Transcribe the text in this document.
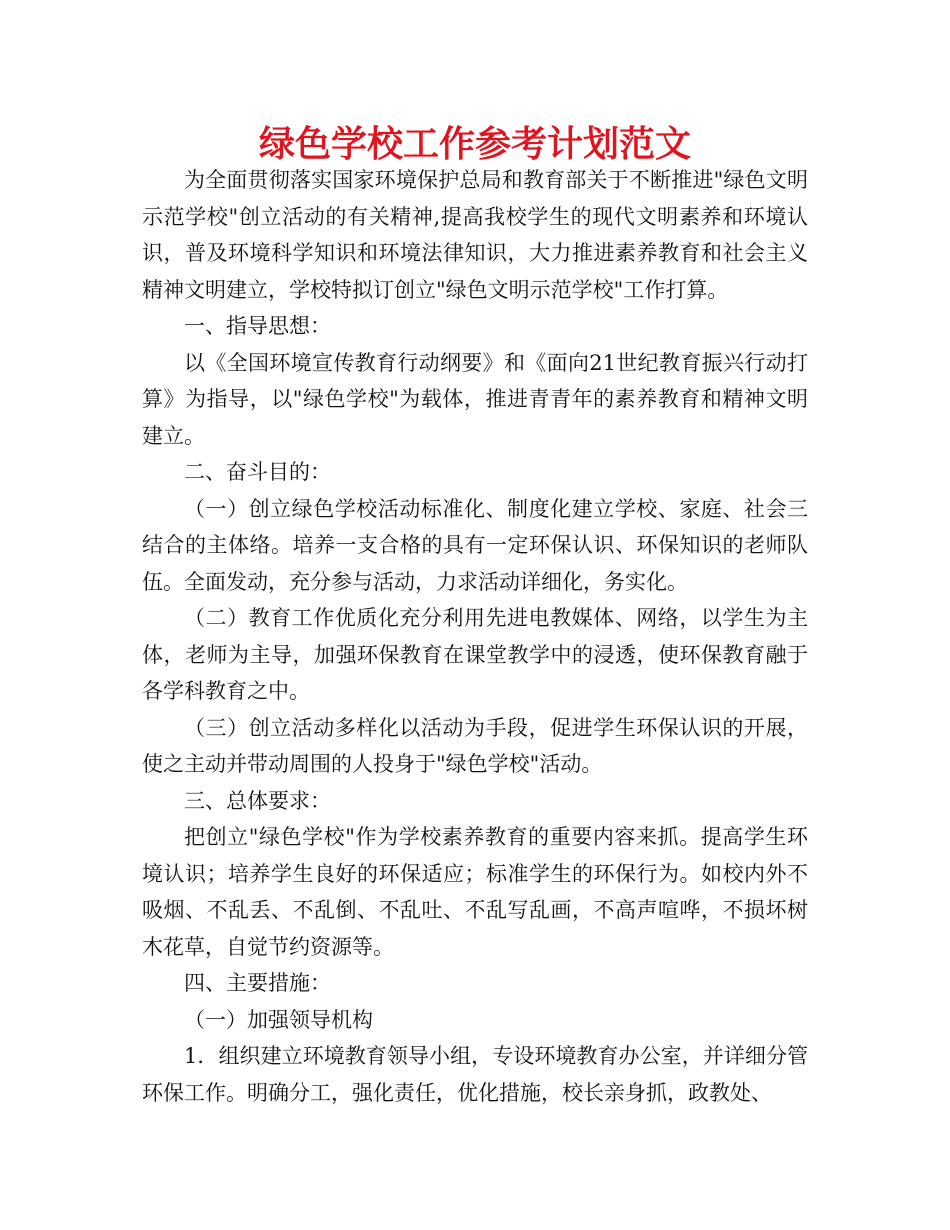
绿色学校工作参考计划范文

为全面贯彻落实国家环境保护总局和教育部关于不断推进"绿色文明示范学校"创立活动的有关精神,提高我校学生的现代文明素养和环境认识，普及环境科学知识和环境法律知识，大力推进素养教育和社会主义精神文明建立，学校特拟订创立"绿色文明示范学校"工作打算。

一、指导思想：

以《全国环境宣传教育行动纲要》和《面向21世纪教育振兴行动打算》为指导，以"绿色学校"为载体，推进青青年的素养教育和精神文明建立。

二、奋斗目的：

（一）创立绿色学校活动标准化、制度化建立学校、家庭、社会三结合的主体络。培养一支合格的具有一定环保认识、环保知识的老师队伍。全面发动，充分参与活动，力求活动详细化，务实化。

（二）教育工作优质化充分利用先进电教媒体、网络，以学生为主体，老师为主导，加强环保教育在课堂教学中的浸透，使环保教育融于各学科教育之中。

（三）创立活动多样化以活动为手段，促进学生环保认识的开展，使之主动并带动周围的人投身于"绿色学校"活动。

三、总体要求：

把创立"绿色学校"作为学校素养教育的重要内容来抓。提高学生环境认识；培养学生良好的环保适应；标准学生的环保行为。如校内外不吸烟、不乱丢、不乱倒、不乱吐、不乱写乱画，不高声喧哗，不损坏树木花草，自觉节约资源等。

四、主要措施：

（一）加强领导机构

1．组织建立环境教育领导小组，专设环境教育办公室，并详细分管环保工作。明确分工，强化责任，优化措施，校长亲身抓，政教处、
